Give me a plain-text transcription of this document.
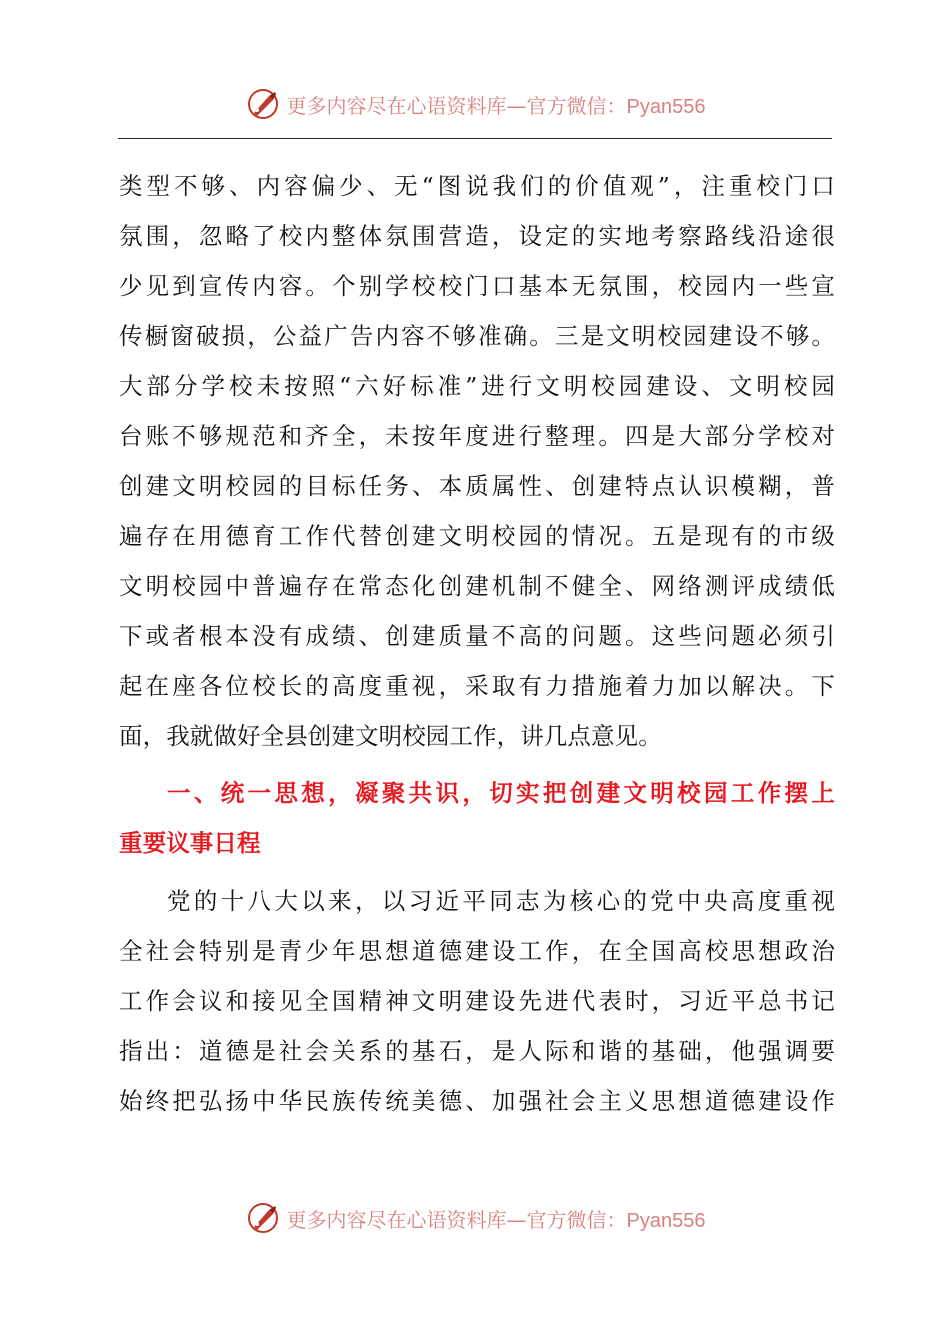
更多内容尽在心语资料库—官方微信：Pyan556
类型不够、内容偏少、无“图说我们的价值观”，注重校门口
氛围，忽略了校内整体氛围营造，设定的实地考察路线沿途很
少见到宣传内容。个别学校校门口基本无氛围，校园内一些宣
传橱窗破损，公益广告内容不够准确。三是文明校园建设不够。
大部分学校未按照“六好标准”进行文明校园建设、文明校园
台账不够规范和齐全，未按年度进行整理。四是大部分学校对
创建文明校园的目标任务、本质属性、创建特点认识模糊，普
遍存在用德育工作代替创建文明校园的情况。五是现有的市级
文明校园中普遍存在常态化创建机制不健全、网络测评成绩低
下或者根本没有成绩、创建质量不高的问题。这些问题必须引
起在座各位校长的高度重视，采取有力措施着力加以解决。下
面，我就做好全县创建文明校园工作，讲几点意见。
一、统一思想，凝聚共识，切实把创建文明校园工作摆上
重要议事日程
党的十八大以来，以习近平同志为核心的党中央高度重视
全社会特别是青少年思想道德建设工作，在全国高校思想政治
工作会议和接见全国精神文明建设先进代表时，习近平总书记
指出：道德是社会关系的基石，是人际和谐的基础，他强调要
始终把弘扬中华民族传统美德、加强社会主义思想道德建设作
更多内容尽在心语资料库—官方微信：Pyan556
